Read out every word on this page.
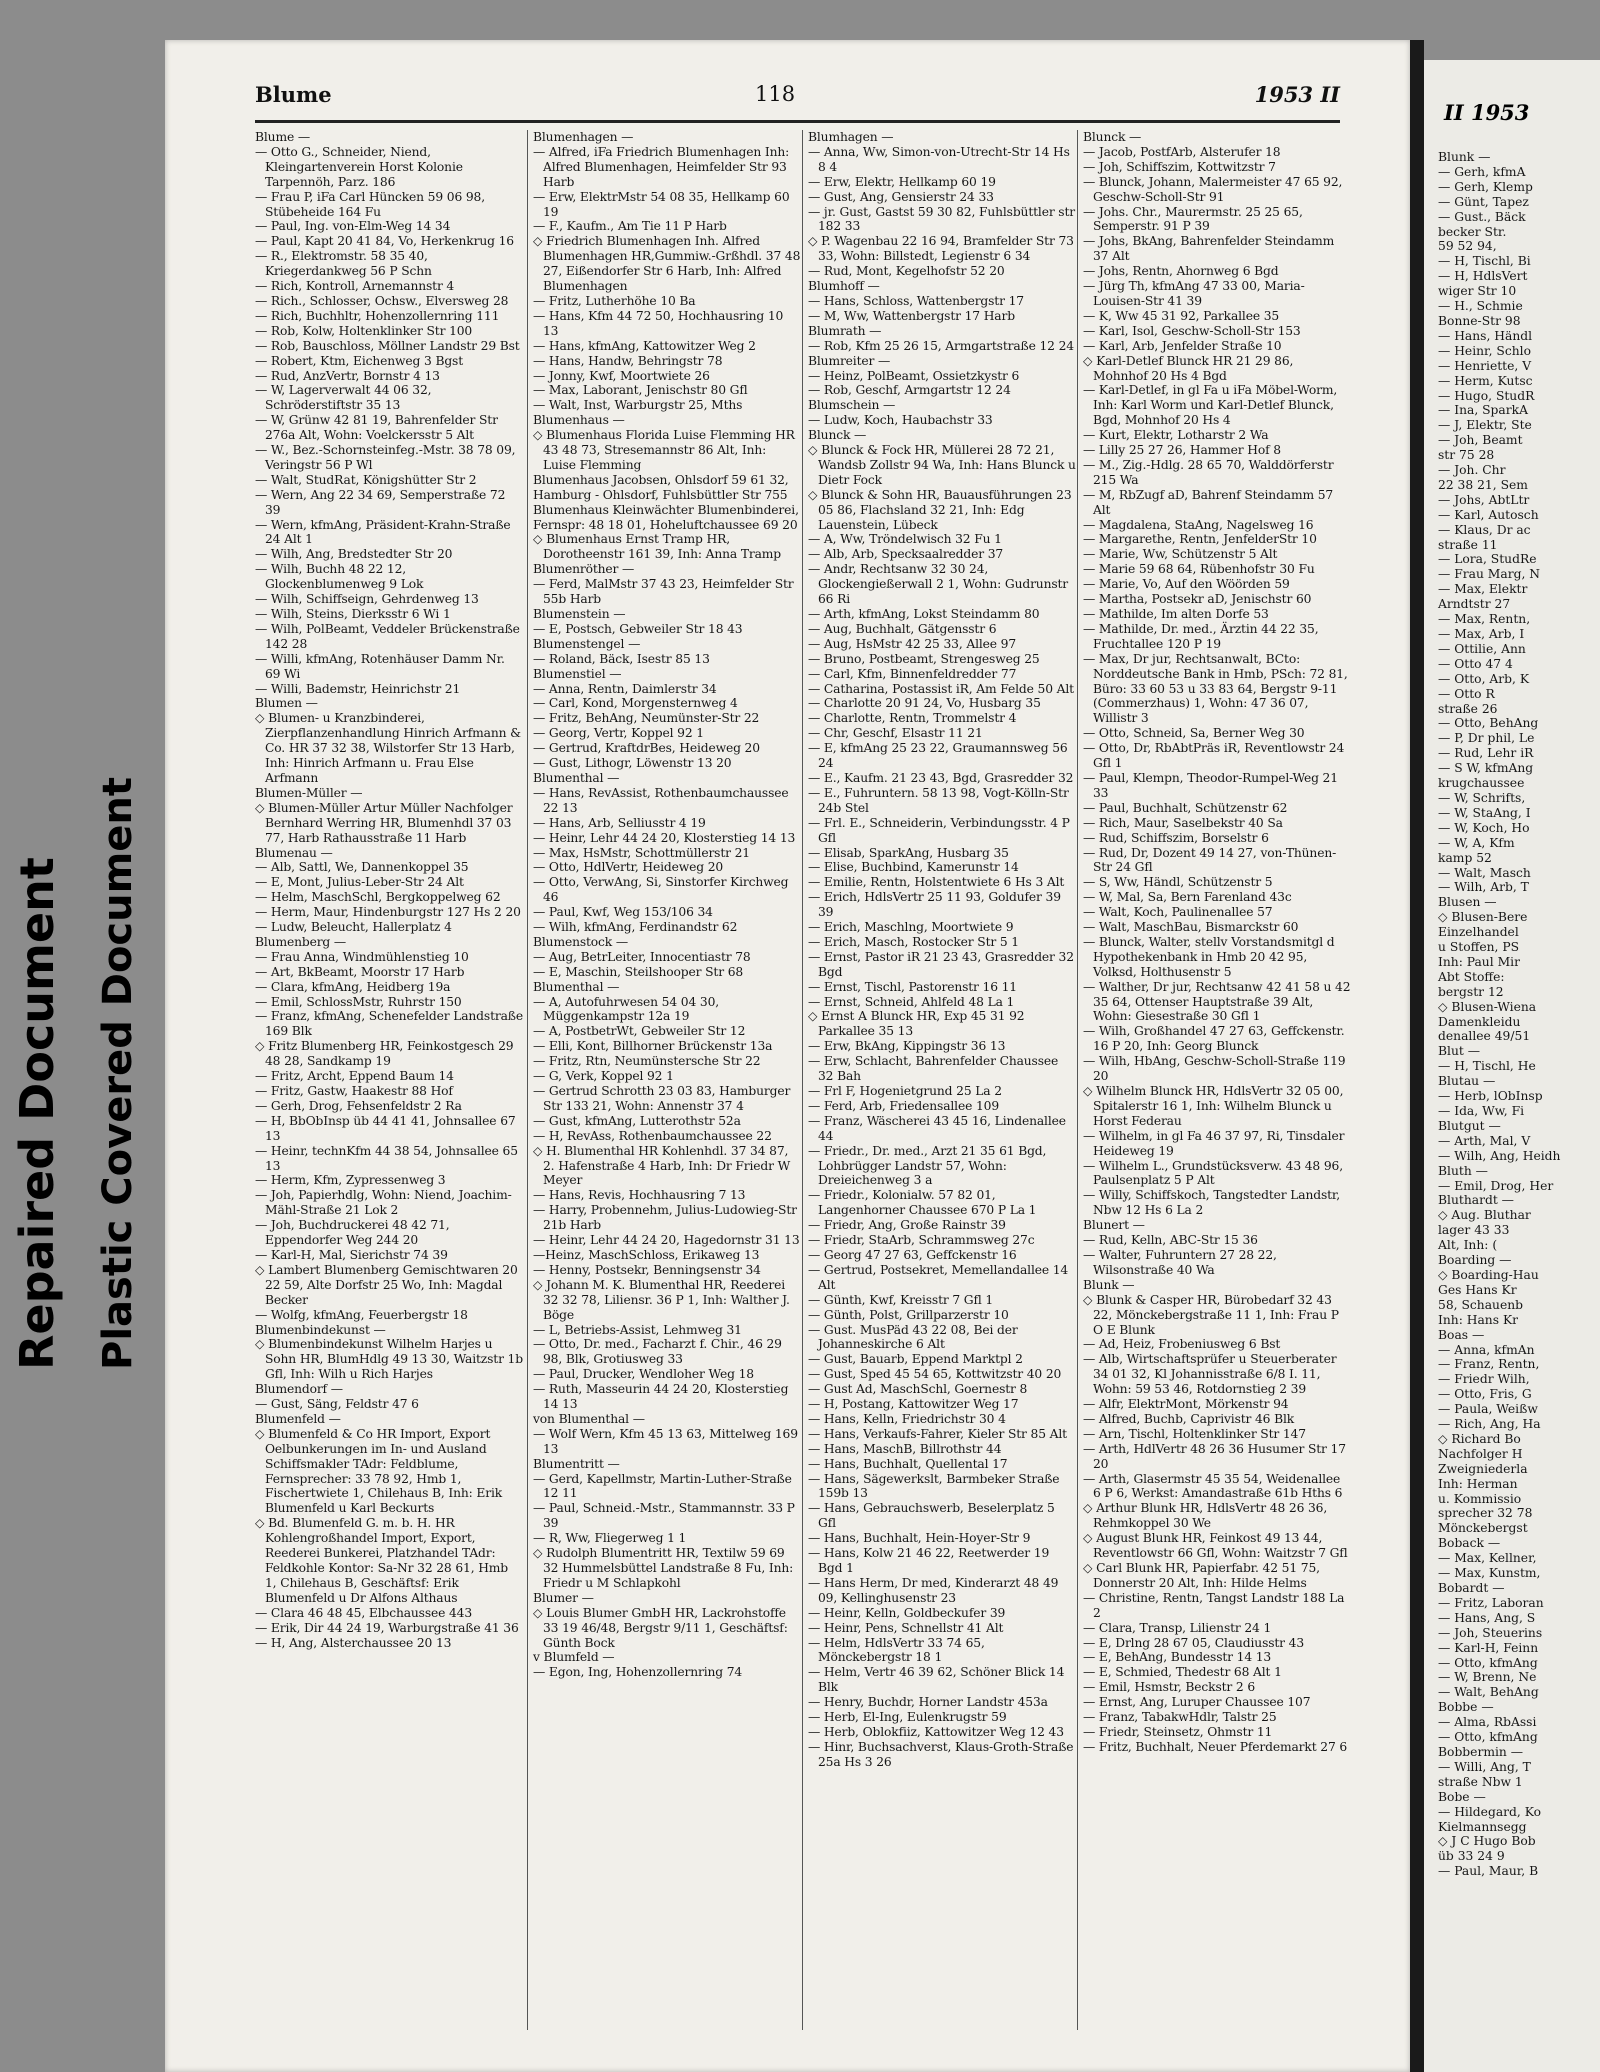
Repaired Document Plastic Covered Document
Blume	118	1953 II
Blume —
— Otto G., Schneider, Niend, Kleingartenverein Horst Kolonie Tarpennöh, Parz. 186
— Frau P, iFa Carl Hüncken 59 06 98, Stübeheide 164 Fu
— Paul, Ing. von-Elm-Weg 14 34
— Paul, Kapt 20 41 84, Vo, Herkenkrug 16
— R., Elektromstr. 58 35 40, Kriegerdankweg 56 P Schn
— Rich, Kontroll, Arnemannstr 4
— Rich., Schlosser, Ochsw., Elversweg 28
— Rich, Buchhltr, Hohenzollernring 111
— Rob, Kolw, Holtenklinker Str 100
— Rob, Bauschloss, Möllner Landstr 29 Bst
— Robert, Ktm, Eichenweg 3 Bgst
— Rud, AnzVertr, Bornstr 4 13
— W, Lagerverwalt 44 06 32, Schröderstiftstr 35 13
— W, Grünw 42 81 19, Bahrenfelder Str 276a Alt, Wohn: Voelckersstr 5 Alt
— W., Bez.-Schornsteinfeg.-Mstr. 38 78 09, Veringstr 56 P Wl
— Walt, StudRat, Königshütter Str 2
— Wern, Ang 22 34 69, Semperstraße 72 39
— Wern, kfmAng, Präsident-Krahn-Straße 24 Alt 1
— Wilh, Ang, Bredstedter Str 20
— Wilh, Buchh 48 22 12, Glockenblumenweg 9 Lok
— Wilh, Schiffseign, Gehrdenweg 13
— Wilh, Steins, Dierksstr 6 Wi 1
— Wilh, PolBeamt, Veddeler Brückenstraße 142 28
— Willi, kfmAng, Rotenhäuser Damm Nr. 69 Wi
— Willi, Bademstr, Heinrichstr 21
Blumen —
◇ Blumen- u Kranzbinderei, Zierpflanzenhandlung Hinrich Arfmann & Co. HR 37 32 38, Wilstorfer Str 13 Harb, Inh: Hinrich Arfmann u. Frau Else Arfmann
Blumen-Müller —
◇ Blumen-Müller Artur Müller Nachfolger Bernhard Werring HR, Blumenhdl 37 03 77, Harb Rathausstraße 11 Harb
Blumenau —
— Alb, Sattl, We, Dannenkoppel 35
— E, Mont, Julius-Leber-Str 24 Alt
— Helm, MaschSchl, Bergkoppelweg 62
— Herm, Maur, Hindenburgstr 127 Hs 2 20
— Ludw, Beleucht, Hallerplatz 4
Blumenberg —
— Frau Anna, Windmühlenstieg 10
— Art, BkBeamt, Moorstr 17 Harb
— Clara, kfmAng, Heidberg 19a
— Emil, SchlossMstr, Ruhrstr 150
— Franz, kfmAng, Schenefelder Landstraße 169 Blk
◇ Fritz Blumenberg HR, Feinkostgesch 29 48 28, Sandkamp 19
— Fritz, Archt, Eppend Baum 14
— Fritz, Gastw, Haakestr 88 Hof
— Gerh, Drog, Fehsenfeldstr 2 Ra
— H, BbObInsp üb 44 41 41, Johnsallee 67 13
— Heinr, technKfm 44 38 54, Johnsallee 65 13
— Herm, Kfm, Zypressenweg 3
— Joh, Papierhdlg, Wohn: Niend, Joachim-Mähl-Straße 21 Lok 2
— Joh, Buchdruckerei 48 42 71, Eppendorfer Weg 244 20
— Karl-H, Mal, Sierichstr 74 39
◇ Lambert Blumenberg Gemischtwaren 20 22 59, Alte Dorfstr 25 Wo, Inh: Magdal Becker
— Wolfg, kfmAng, Feuerbergstr 18
Blumenbindekunst —
◇ Blumenbindekunst Wilhelm Harjes u Sohn HR, BlumHdlg 49 13 30, Waitzstr 1b Gfl, Inh: Wilh u Rich Harjes
Blumendorf —
— Gust, Säng, Feldstr 47 6
Blumenfeld —
◇ Blumenfeld & Co HR Import, Export Oelbunkerungen im In- und Ausland Schiffsmakler TAdr: Feldblume, Fernsprecher: 33 78 92, Hmb 1, Fischertwiete 1, Chilehaus B, Inh: Erik Blumenfeld u Karl Beckurts
◇ Bd. Blumenfeld G. m. b. H. HR Kohlengroßhandel Import, Export, Reederei Bunkerei, Platzhandel TAdr: Feldkohle Kontor: Sa-Nr 32 28 61, Hmb 1, Chilehaus B, Geschäftsf: Erik Blumenfeld u Dr Alfons Althaus
— Clara 46 48 45, Elbchaussee 443
— Erik, Dir 44 24 19, Warburgstraße 41 36
— H, Ang, Alsterchaussee 20 13
Blumenhagen —
— Alfred, iFa Friedrich Blumenhagen Inh: Alfred Blumenhagen, Heimfelder Str 93 Harb
— Erw, ElektrMstr 54 08 35, Hellkamp 60 19
— F., Kaufm., Am Tie 11 P Harb
◇ Friedrich Blumenhagen Inh. Alfred Blumenhagen HR,Gummiw.-Grßhdl. 37 48 27, Eißendorfer Str 6 Harb, Inh: Alfred Blumenhagen
— Fritz, Lutherhöhe 10 Ba
— Hans, Kfm 44 72 50, Hochhausring 10 13
— Hans, kfmAng, Kattowitzer Weg 2
— Hans, Handw, Behringstr 78
— Jonny, Kwf, Moortwiete 26
— Max, Laborant, Jenischstr 80 Gfl
— Walt, Inst, Warburgstr 25, Mths
Blumenhaus —
◇ Blumenhaus Florida Luise Flemming HR 43 48 73, Stresemannstr 86 Alt, Inh: Luise Flemming
Blumenhaus Jacobsen, Ohlsdorf 59 61 32, Hamburg - Ohlsdorf, Fuhlsbüttler Str 755
Blumenhaus Kleinwächter Blumenbinderei, Fernspr: 48 18 01, Hoheluftchaussee 69 20
◇ Blumenhaus Ernst Tramp HR, Dorotheenstr 161 39, Inh: Anna Tramp
Blumenröther —
— Ferd, MalMstr 37 43 23, Heimfelder Str 55b Harb
Blumenstein —
— E, Postsch, Gebweiler Str 18 43
Blumenstengel —
— Roland, Bäck, Isestr 85 13
Blumenstiel —
— Anna, Rentn, Daimlerstr 34
— Carl, Kond, Morgensternweg 4
— Fritz, BehAng, Neumünster-Str 22
— Georg, Vertr, Koppel 92 1
— Gertrud, KraftdrBes, Heideweg 20
— Gust, Lithogr, Löwenstr 13 20
Blumenthal —
— Hans, RevAssist, Rothenbaumchaussee 22 13
— Hans, Arb, Selliusstr 4 19
— Heinr, Lehr 44 24 20, Klosterstieg 14 13
— Max, HsMstr, Schottmüllerstr 21
— Otto, HdlVertr, Heideweg 20
— Otto, VerwAng, Si, Sinstorfer Kirchweg 46
— Paul, Kwf, Weg 153/106 34
— Wilh, kfmAng, Ferdinandstr 62
Blumenstock —
— Aug, BetrLeiter, Innocentiastr 78
— E, Maschin, Steilshooper Str 68
Blumenthal —
— A, Autofuhrwesen 54 04 30, Müggenkampstr 12a 19
— A, PostbetrWt, Gebweiler Str 12
— Elli, Kont, Billhorner Brückenstr 13a
— Fritz, Rtn, Neumünstersche Str 22
— G, Verk, Koppel 92 1
— Gertrud Schrotth 23 03 83, Hamburger Str 133 21, Wohn: Annenstr 37 4
— Gust, kfmAng, Lutterothstr 52a
— H, RevAss, Rothenbaumchaussee 22
◇ H. Blumenthal HR Kohlenhdl. 37 34 87, 2. Hafenstraße 4 Harb, Inh: Dr Friedr W Meyer
— Hans, Revis, Hochhausring 7 13
— Harry, Probennehm, Julius-Ludowieg-Str 21b Harb
— Heinr, Lehr 44 24 20, Hagedornstr 31 13
—Heinz, MaschSchloss, Erikaweg 13
— Henny, Postsekr, Benningsenstr 34
◇ Johann M. K. Blumenthal HR, Reederei 32 32 78, Liliensr. 36 P 1, Inh: Walther J. Böge
— L, Betriebs-Assist, Lehmweg 31
— Otto, Dr. med., Facharzt f. Chir., 46 29 98, Blk, Grotiusweg 33
— Paul, Drucker, Wendloher Weg 18
— Ruth, Masseurin 44 24 20, Klosterstieg 14 13
von Blumenthal —
— Wolf Wern, Kfm 45 13 63, Mittelweg 169 13
Blumentritt —
— Gerd, Kapellmstr, Martin-Luther-Straße 12 11
— Paul, Schneid.-Mstr., Stammannstr. 33 P 39
— R, Ww, Fliegerweg 1 1
◇ Rudolph Blumentritt HR, Textilw 59 69 32 Hummelsbüttel Landstraße 8 Fu, Inh: Friedr u M Schlapkohl
Blumer —
◇ Louis Blumer GmbH HR, Lackrohstoffe 33 19 46/48, Bergstr 9/11 1, Geschäftsf: Günth Bock
v Blumfeld —
— Egon, Ing, Hohenzollernring 74
Blumhagen —
— Anna, Ww, Simon-von-Utrecht-Str 14 Hs 8 4
— Erw, Elektr, Hellkamp 60 19
— Gust, Ang, Gensierstr 24 33
— jr. Gust, Gastst 59 30 82, Fuhlsbüttler str 182 33
◇ P. Wagenbau 22 16 94, Bramfelder Str 73 33, Wohn: Billstedt, Legienstr 6 34
— Rud, Mont, Kegelhofstr 52 20
Blumhoff —
— Hans, Schloss, Wattenbergstr 17
— M, Ww, Wattenbergstr 17 Harb
Blumrath —
— Rob, Kfm 25 26 15, Armgartstraße 12 24
Blumreiter —
— Heinz, PolBeamt, Ossietzkystr 6
— Rob, Geschf, Armgartstr 12 24
Blumschein —
— Ludw, Koch, Haubachstr 33
Blunck —
◇ Blunck & Fock HR, Müllerei 28 72 21, Wandsb Zollstr 94 Wa, Inh: Hans Blunck u Dietr Fock
◇ Blunck & Sohn HR, Bauausführungen 23 05 86, Flachsland 32 21, Inh: Edg Lauenstein, Lübeck
— A, Ww, Tröndelwisch 32 Fu 1
— Alb, Arb, Specksaalredder 37
— Andr, Rechtsanw 32 30 24, Glockengießerwall 2 1, Wohn: Gudrunstr 66 Ri
— Arth, kfmAng, Lokst Steindamm 80
— Aug, Buchhalt, Gätgensstr 6
— Aug, HsMstr 42 25 33, Allee 97
— Bruno, Postbeamt, Strengesweg 25
— Carl, Kfm, Binnenfeldredder 77
— Catharina, Postassist iR, Am Felde 50 Alt
— Charlotte 20 91 24, Vo, Husbarg 35
— Charlotte, Rentn, Trommelstr 4
— Chr, Geschf, Elsastr 11 21
— E, kfmAng 25 23 22, Graumannsweg 56 24
— E., Kaufm. 21 23 43, Bgd, Grasredder 32
— E., Fuhruntern. 58 13 98, Vogt-Kölln-Str 24b Stel
— Frl. E., Schneiderin, Verbindungsstr. 4 P Gfl
— Elisab, SparkAng, Husbarg 35
— Elise, Buchbind, Kamerunstr 14
— Emilie, Rentn, Holstentwiete 6 Hs 3 Alt
— Erich, HdlsVertr 25 11 93, Goldufer 39 39
— Erich, Maschlng, Moortwiete 9
— Erich, Masch, Rostocker Str 5 1
— Ernst, Pastor iR 21 23 43, Grasredder 32 Bgd
— Ernst, Tischl, Pastorenstr 16 11
— Ernst, Schneid, Ahlfeld 48 La 1
◇ Ernst A Blunck HR, Exp 45 31 92 Parkallee 35 13
— Erw, BkAng, Kippingstr 36 13
— Erw, Schlacht, Bahrenfelder Chaussee 32 Bah
— Frl F, Hogenietgrund 25 La 2
— Ferd, Arb, Friedensallee 109
— Franz, Wäscherei 43 45 16, Lindenallee 44
— Friedr., Dr. med., Arzt 21 35 61 Bgd, Lohbrügger Landstr 57, Wohn: Dreieichenweg 3 a
— Friedr., Kolonialw. 57 82 01, Langenhorner Chaussee 670 P La 1
— Friedr, Ang, Große Rainstr 39
— Friedr, StaArb, Schrammsweg 27c
— Georg 47 27 63, Geffckenstr 16
— Gertrud, Postsekret, Memellandallee 14 Alt
— Günth, Kwf, Kreisstr 7 Gfl 1
— Günth, Polst, Grillparzerstr 10
— Gust. MusPäd 43 22 08, Bei der Johanneskirche 6 Alt
— Gust, Bauarb, Eppend Marktpl 2
— Gust, Sped 45 54 65, Kottwitzstr 40 20
— Gust Ad, MaschSchl, Goernestr 8
— H, Postang, Kattowitzer Weg 17
— Hans, Kelln, Friedrichstr 30 4
— Hans, Verkaufs-Fahrer, Kieler Str 85 Alt
— Hans, MaschB, Billrothstr 44
— Hans, Buchhalt, Quellental 17
— Hans, Sägewerkslt, Barmbeker Straße 159b 13
— Hans, Gebrauchswerb, Beselerplatz 5 Gfl
— Hans, Buchhalt, Hein-Hoyer-Str 9
— Hans, Kolw 21 46 22, Reetwerder 19 Bgd 1
— Hans Herm, Dr med, Kinderarzt 48 49 09, Kellinghusenstr 23
— Heinr, Kelln, Goldbeckufer 39
— Heinr, Pens, Schnellstr 41 Alt
— Helm, HdlsVertr 33 74 65, Mönckebergstr 18 1
— Helm, Vertr 46 39 62, Schöner Blick 14 Blk
— Henry, Buchdr, Horner Landstr 453a
— Herb, El-Ing, Eulenkrugstr 59
— Herb, Oblokfiiz, Kattowitzer Weg 12 43
— Hinr, Buchsachverst, Klaus-Groth-Straße 25a Hs 3 26
Blunck —
— Jacob, PostfArb, Alsterufer 18
— Joh, Schiffszim, Kottwitzstr 7
— Blunck, Johann, Malermeister 47 65 92, Geschw-Scholl-Str 91
— Johs. Chr., Maurermstr. 25 25 65, Semperstr. 91 P 39
— Johs, BkAng, Bahrenfelder Steindamm 37 Alt
— Johs, Rentn, Ahornweg 6 Bgd
— Jürg Th, kfmAng 47 33 00, Maria-Louisen-Str 41 39
— K, Ww 45 31 92, Parkallee 35
— Karl, Isol, Geschw-Scholl-Str 153
— Karl, Arb, Jenfelder Straße 10
◇ Karl-Detlef Blunck HR 21 29 86, Mohnhof 20 Hs 4 Bgd
— Karl-Detlef, in gl Fa u iFa Möbel-Worm, Inh: Karl Worm und Karl-Detlef Blunck, Bgd, Mohnhof 20 Hs 4
— Kurt, Elektr, Lotharstr 2 Wa
— Lilly 25 27 26, Hammer Hof 8
— M., Zig.-Hdlg. 28 65 70, Walddörferstr 215 Wa
— M, RbZugf aD, Bahrenf Steindamm 57 Alt
— Magdalena, StaAng, Nagelsweg 16
— Margarethe, Rentn, JenfelderStr 10
— Marie, Ww, Schützenstr 5 Alt
— Marie 59 68 64, Rübenhofstr 30 Fu
— Marie, Vo, Auf den Wöörden 59
— Martha, Postsekr aD, Jenischstr 60
— Mathilde, Im alten Dorfe 53
— Mathilde, Dr. med., Ärztin 44 22 35, Fruchtallee 120 P 19
— Max, Dr jur, Rechtsanwalt, BCto: Norddeutsche Bank in Hmb, PSch: 72 81, Büro: 33 60 53 u 33 83 64, Bergstr 9-11 (Commerzhaus) 1, Wohn: 47 36 07, Willistr 3
— Otto, Schneid, Sa, Berner Weg 30
— Otto, Dr, RbAbtPräs iR, Reventlowstr 24 Gfl 1
— Paul, Klempn, Theodor-Rumpel-Weg 21 33
— Paul, Buchhalt, Schützenstr 62
— Rich, Maur, Saselbekstr 40 Sa
— Rud, Schiffszim, Borselstr 6
— Rud, Dr, Dozent 49 14 27, von-Thünen-Str 24 Gfl
— S, Ww, Händl, Schützenstr 5
— W, Mal, Sa, Bern Farenland 43c
— Walt, Koch, Paulinenallee 57
— Walt, MaschBau, Bismarckstr 60
— Blunck, Walter, stellv Vorstandsmitgl d Hypothekenbank in Hmb 20 42 95, Volksd, Holthusenstr 5
— Walther, Dr jur, Rechtsanw 42 41 58 u 42 35 64, Ottenser Hauptstraße 39 Alt, Wohn: Giesestraße 30 Gfl 1
— Wilh, Großhandel 47 27 63, Geffckenstr. 16 P 20, Inh: Georg Blunck
— Wilh, HbAng, Geschw-Scholl-Straße 119 20
◇ Wilhelm Blunck HR, HdlsVertr 32 05 00, Spitalerstr 16 1, Inh: Wilhelm Blunck u Horst Federau
— Wilhelm, in gl Fa 46 37 97, Ri, Tinsdaler Heideweg 19
— Wilhelm L., Grundstücksverw. 43 48 96, Paulsenplatz 5 P Alt
— Willy, Schiffskoch, Tangstedter Landstr, Nbw 12 Hs 6 La 2
Blunert —
— Rud, Kelln, ABC-Str 15 36
— Walter, Fuhruntern 27 28 22, Wilsonstraße 40 Wa
Blunk —
◇ Blunk & Casper HR, Bürobedarf 32 43 22, Mönckebergstraße 11 1, Inh: Frau P O E Blunk
— Ad, Heiz, Frobeniusweg 6 Bst
— Alb, Wirtschaftsprüfer u Steuerberater 34 01 32, Kl Johannisstraße 6/8 I. 11, Wohn: 59 53 46, Rotdornstieg 2 39
— Alfr, ElektrMont, Mörkenstr 94
— Alfred, Buchb, Caprivistr 46 Blk
— Arn, Tischl, Holtenklinker Str 147
— Arth, HdlVertr 48 26 36 Husumer Str 17 20
— Arth, Glasermstr 45 35 54, Weidenallee 6 P 6, Werkst: Amandastraße 61b Hths 6
◇ Arthur Blunk HR, HdlsVertr 48 26 36, Rehmkoppel 30 We
◇ August Blunk HR, Feinkost 49 13 44, Reventlowstr 66 Gfl, Wohn: Waitzstr 7 Gfl
◇ Carl Blunk HR, Papierfabr. 42 51 75, Donnerstr 20 Alt, Inh: Hilde Helms
— Christine, Rentn, Tangst Landstr 188 La 2
— Clara, Transp, Lilienstr 24 1
— E, Drlng 28 67 05, Claudiusstr 43
— E, BehAng, Bundesstr 14 13
— E, Schmied, Thedestr 68 Alt 1
— Emil, Hsmstr, Beckstr 2 6
— Ernst, Ang, Luruper Chaussee 107
— Franz, TabakwHdlr, Talstr 25
— Friedr, Steinsetz, Ohmstr 11
— Fritz, Buchhalt, Neuer Pferdemarkt 27 6
II 1953
Blunk —
— Gerh, kfmA
— Gerh, Klemp
— Günt, Tapez
— Gust., Bäck
becker Str.
59 52 94,
— H, Tischl, Bi
— H, HdlsVert
wiger Str 10
— H., Schmie
Bonne-Str 98
— Hans, Händl
— Heinr, Schlo
— Henriette, V
— Herm, Kutsc
— Hugo, StudR
— Ina, SparkA
— J, Elektr, Ste
— Joh, Beamt
str 75 28
— Joh. Chr
22 38 21, Sem
— Johs, AbtLtr
— Karl, Autosch
— Klaus, Dr ac
straße 11
— Lora, StudRe
— Frau Marg, N
— Max, Elektr
Arndtstr 27
— Max, Rentn,
— Max, Arb, I
— Ottilie, Ann
— Otto 47 4
— Otto, Arb, K
— Otto R
straße 26
— Otto, BehAng
— P, Dr phil, Le
— Rud, Lehr iR
— S W, kfmAng
krugchaussee
— W, Schrifts,
— W, StaAng, I
— W, Koch, Ho
— W, A, Kfm
kamp 52
— Walt, Masch
— Wilh, Arb, T
Blusen —
◇ Blusen-Bere
Einzelhandel
u Stoffen, PS
Inh: Paul Mir
Abt Stoffe:
bergstr 12
◇ Blusen-Wiena
Damenkleidu
denallee 49/51
Blut —
— H, Tischl, He
Blutau —
— Herb, lObInsp
— Ida, Ww, Fi
Blutgut —
— Arth, Mal, V
— Wilh, Ang, Heidh
Bluth —
— Emil, Drog, Her
Bluthardt —
◇ Aug. Bluthar
lager 43 33
Alt, Inh: (
Boarding —
◇ Boarding-Hau
Ges Hans Kr
58, Schauenb
Inh: Hans Kr
Boas —
— Anna, kfmAn
— Franz, Rentn,
— Friedr Wilh,
— Otto, Fris, G
— Paula, Weißw
— Rich, Ang, Ha
◇ Richard Bo
Nachfolger H
Zweigniederla
Inh: Herman
u. Kommissio
sprecher 32 78
Mönckebergst
Boback —
— Max, Kellner,
— Max, Kunstm,
Bobardt —
— Fritz, Laboran
— Hans, Ang, S
— Joh, Steuerins
— Karl-H, Feinn
— Otto, kfmAng
— W, Brenn, Ne
— Walt, BehAng
Bobbe —
— Alma, RbAssi
— Otto, kfmAng
Bobbermin —
— Willi, Ang, T
straße Nbw 1
Bobe —
— Hildegard, Ko
Kielmannsegg
◇ J C Hugo Bob
üb 33 24 9
— Paul, Maur, B
